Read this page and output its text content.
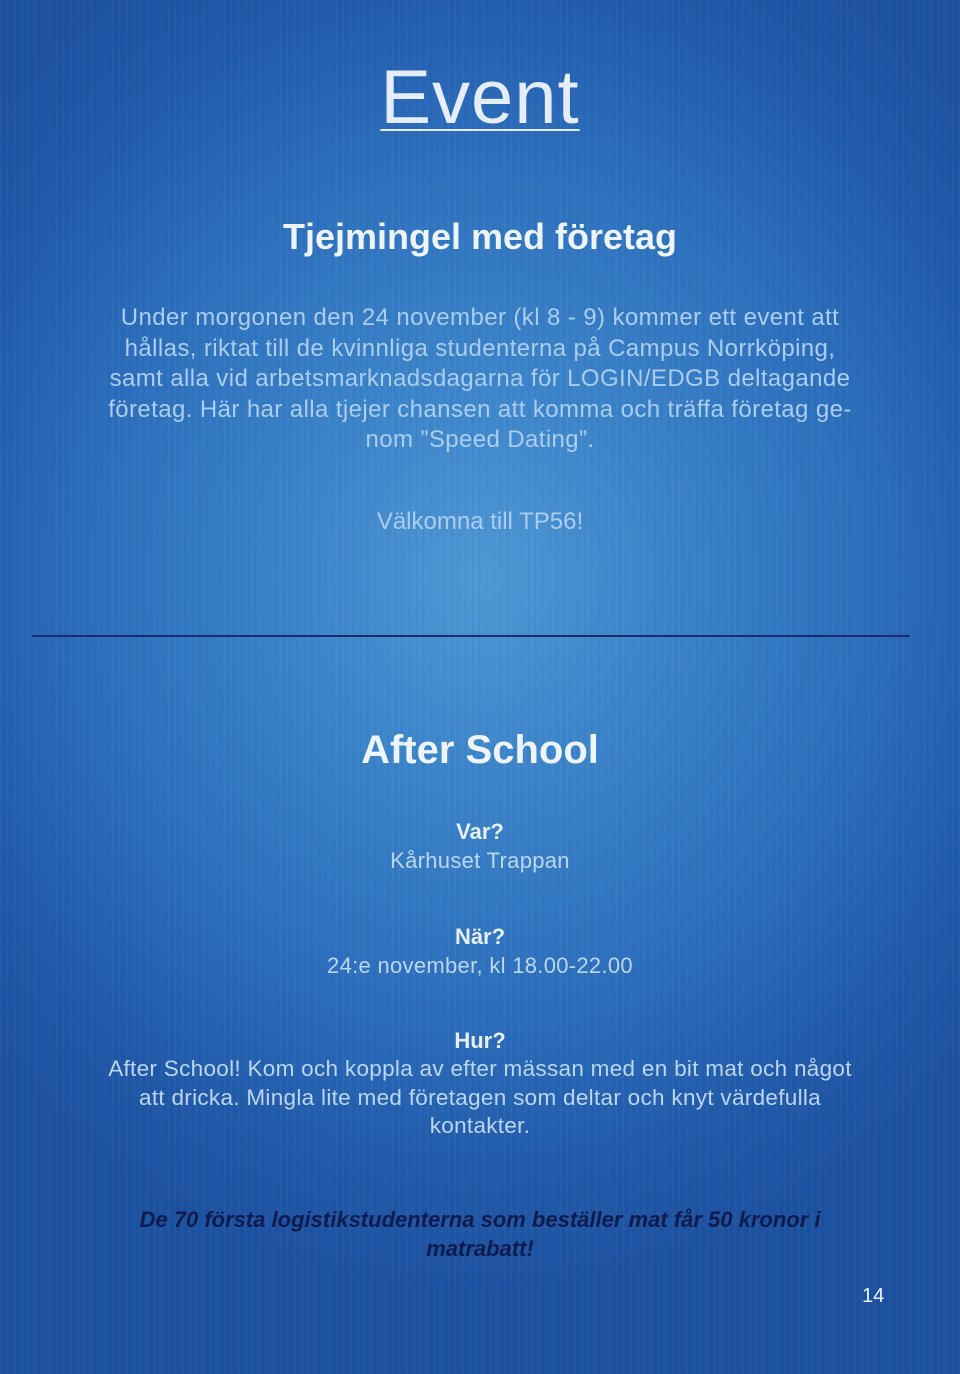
Event
Tjejmingel med företag
Under morgonen den 24 november (kl 8 - 9) kommer ett event att
hållas, riktat till de kvinnliga studenterna på Campus Norrköping,
samt alla vid arbetsmarknadsdagarna för LOGIN/EDGB deltagande
företag. Här har alla tjejer chansen att komma och träffa företag ge-
nom ”Speed Dating”.
Välkomna till TP56!
After School
Var?
Kårhuset Trappan
När?
24:e november, kl 18.00-22.00
Hur?
After School! Kom och koppla av efter mässan med en bit mat och något
att dricka. Mingla lite med företagen som deltar och knyt värdefulla
kontakter.
De 70 första logistikstudenterna som beställer mat får 50 kronor i
matrabatt!
14
